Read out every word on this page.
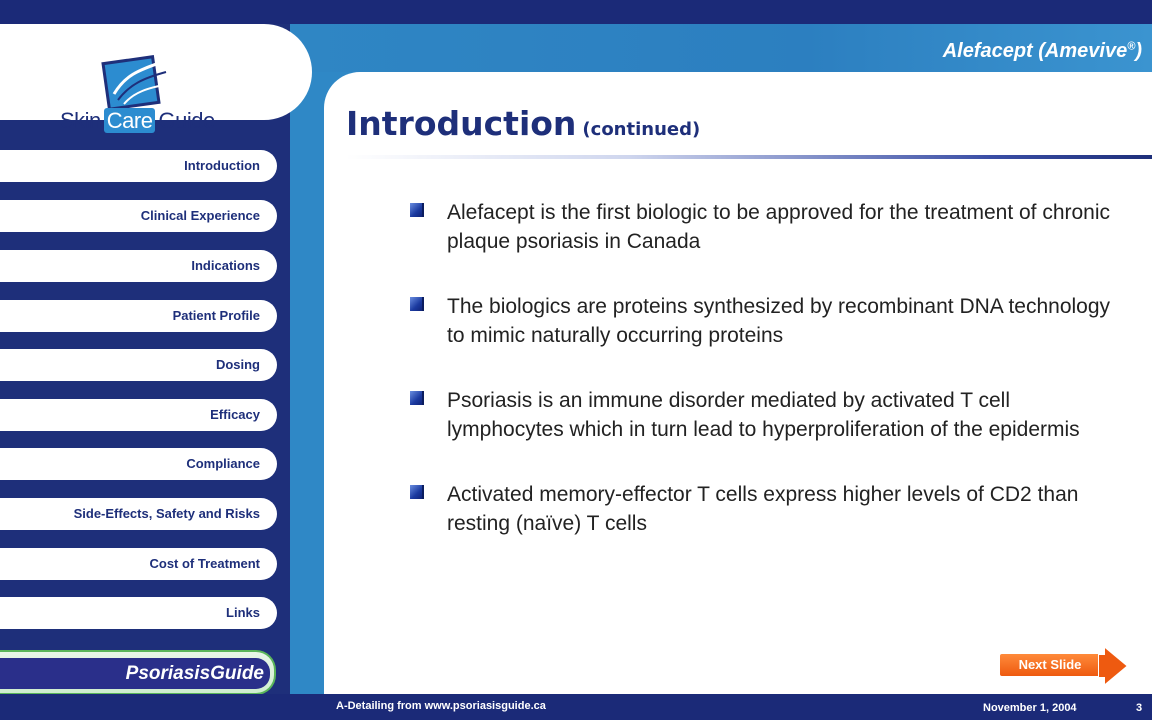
Alefacept (Amevive®)
Skin Care Guide
Introduction
Clinical Experience
Indications
Patient Profile
Dosing
Efficacy
Compliance
Side-Effects, Safety and Risks
Cost of Treatment
Links
PsoriasisGuide
Introduction (continued)
Alefacept is the first biologic to be approved for the treatment of chronic plaque psoriasis in Canada
The biologics are proteins synthesized by recombinant DNA technology to mimic naturally occurring proteins
Psoriasis is an immune disorder mediated by activated T cell lymphocytes which in turn lead to hyperproliferation of the epidermis
Activated memory-effector T cells express higher levels of CD2 than resting (naïve) T cells
Next Slide
A-Detailing from www.psoriasisguide.ca	November 1, 2004	3
